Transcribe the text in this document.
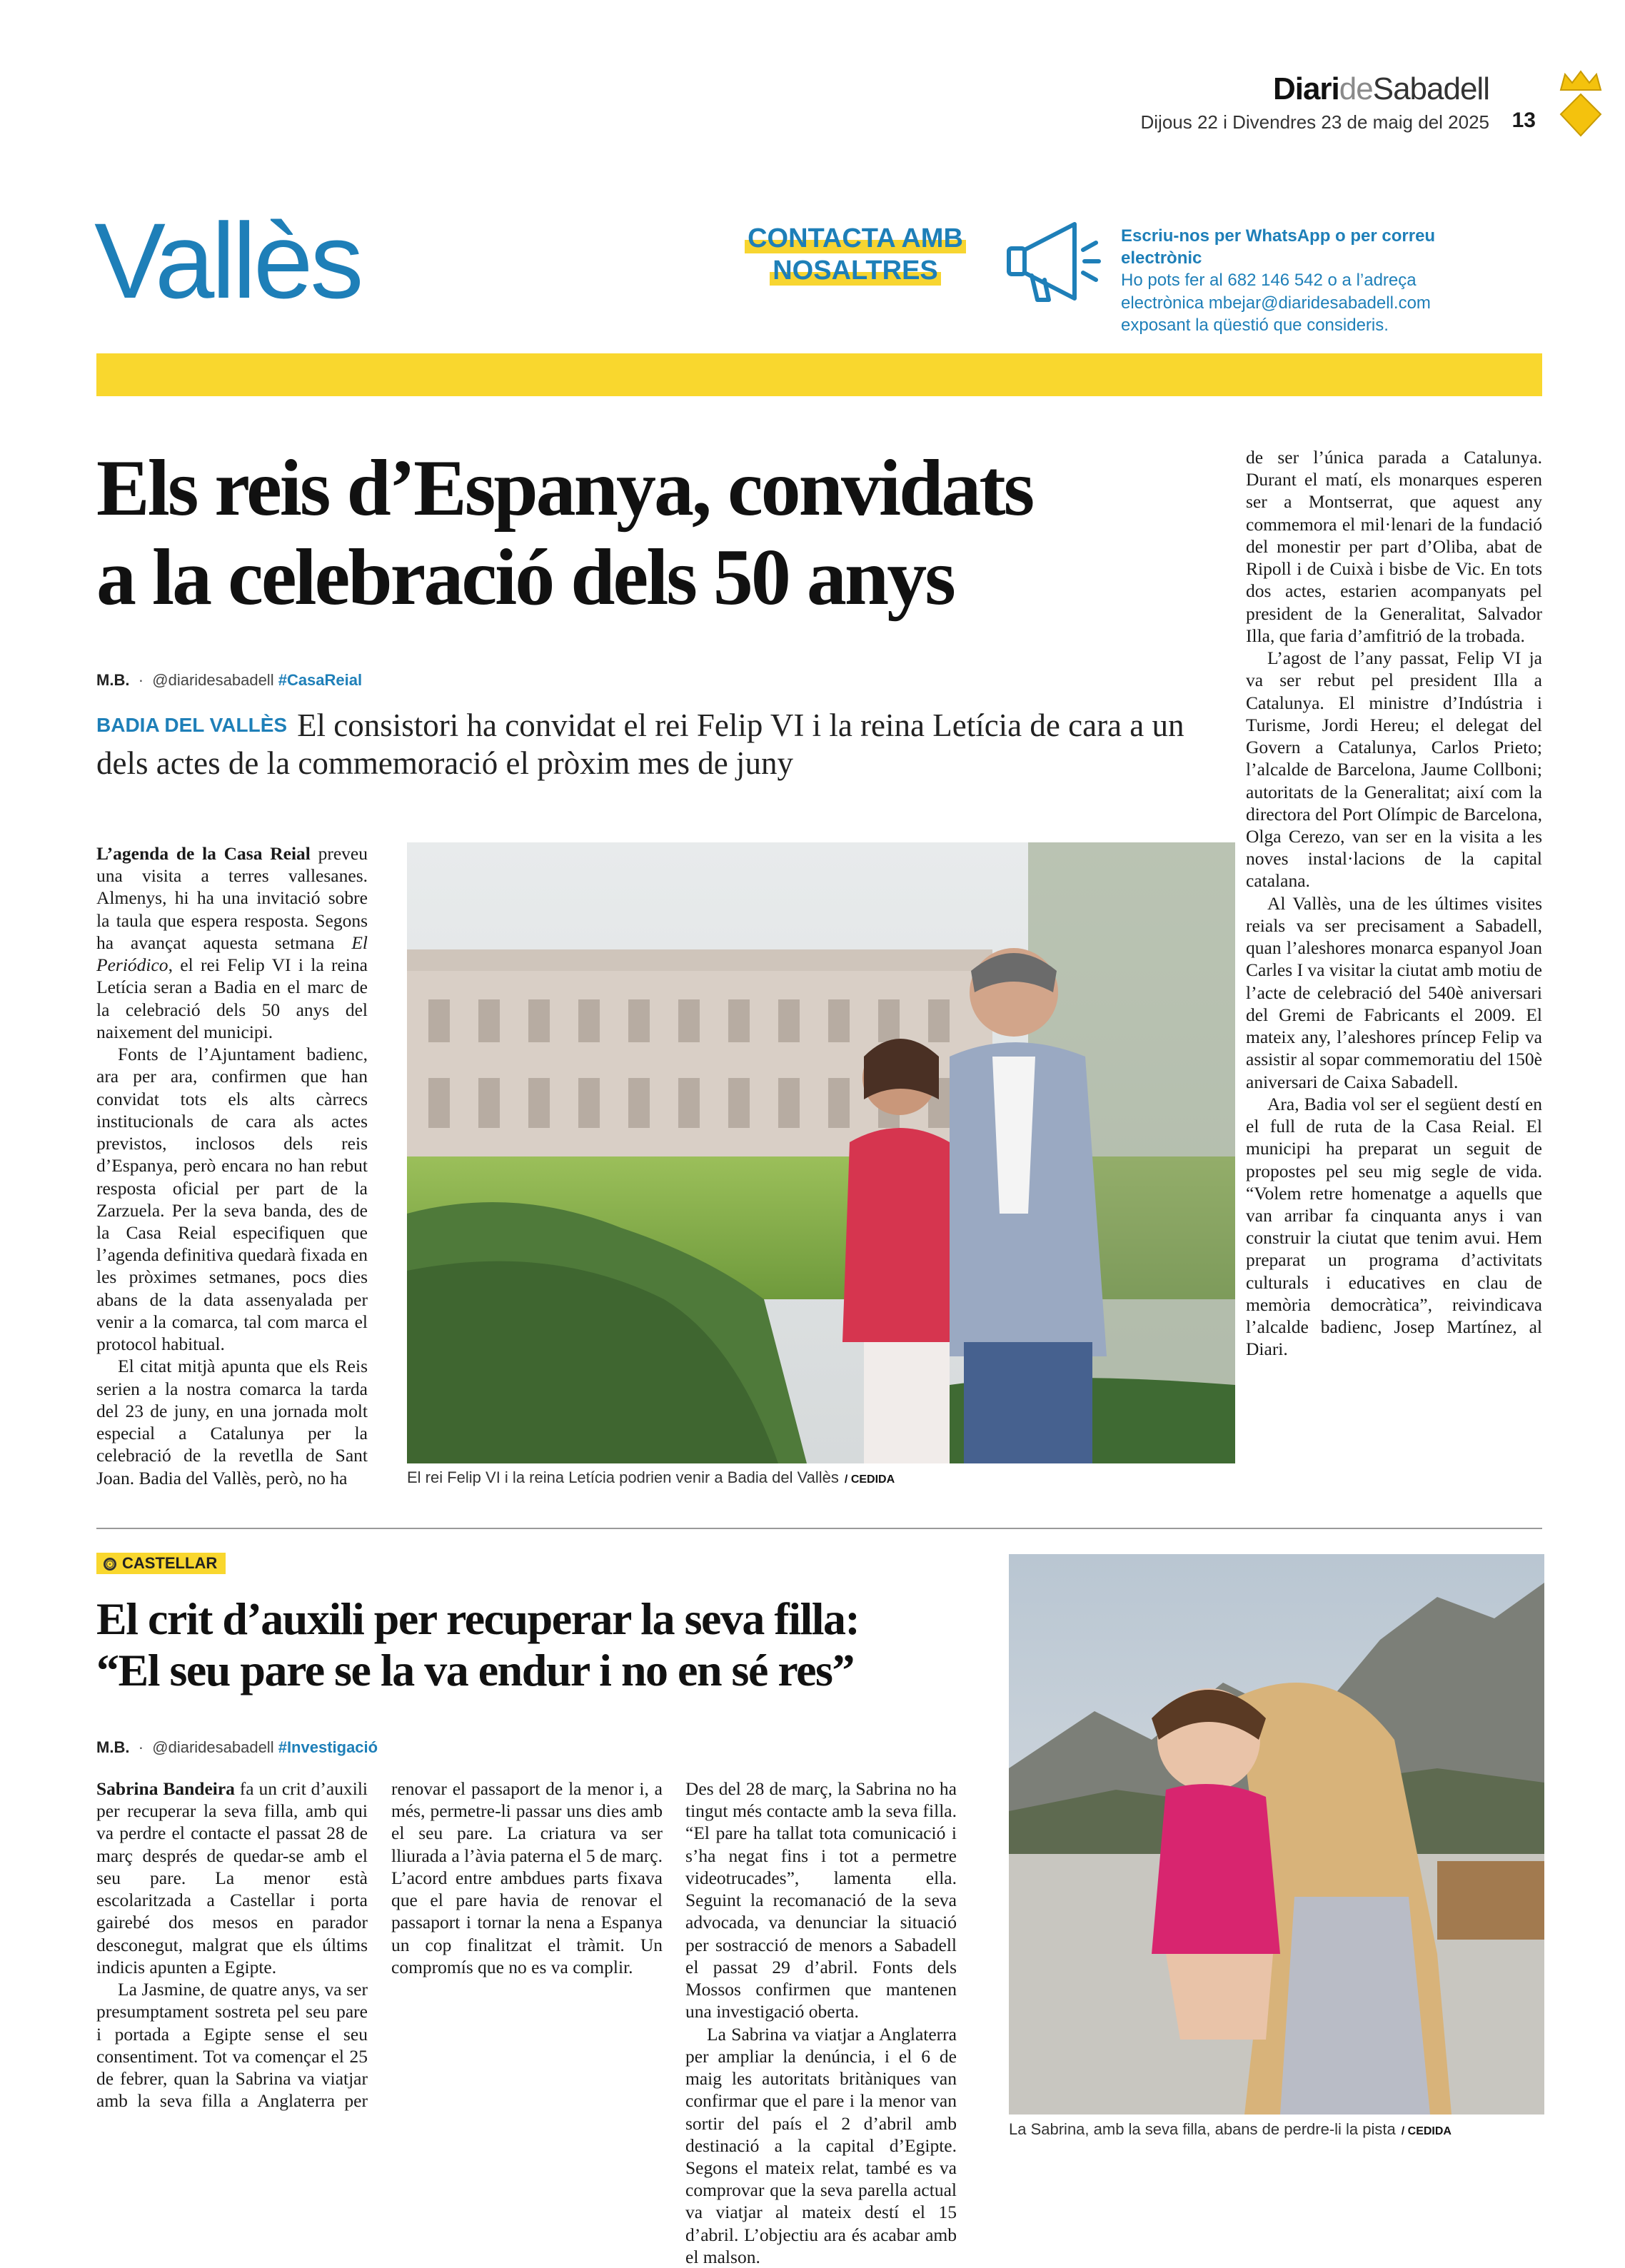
DiarideSabadell
Dijous 22 i Divendres 23 de maig del 2025 13
Vallès	CONTACTA AMB
NOSALTRES
Escriu-nos per WhatsApp o per correu electrònic
Ho pots fer al 682 146 542 o a l’adreça
electrònica mbejar@diaridesabadell.com
exposant la qüestió que consideris.
Els reis d’Espanya, convidats
a la celebració dels 50 anys
M.B. · @diaridesabadell #CasaReial
BADIA DEL VALLÈS El consistori ha convidat el rei Felip VI i la reina Letícia de cara a un dels actes de la commemoració el pròxim mes de juny

L’agenda de la Casa Reial preveu una visita a terres vallesanes. Almenys, hi ha una invitació sobre la taula que espera resposta. Segons ha avançat aquesta setmana El Periódico, el rei Felip VI i la reina Letícia seran a Badia en el marc de la celebració dels 50 anys del naixement del municipi.

Fonts de l’Ajuntament badienc, ara per ara, confirmen que han convidat tots els alts càrrecs institucionals de cara als actes previstos, inclosos dels reis d’Espanya, però encara no han rebut resposta oficial per part de la Zarzuela. Per la seva banda, des de la Casa Reial especifiquen que l’agenda definitiva quedarà fixada en les pròximes setmanes, pocs dies abans de la data assenyalada per venir a la comarca, tal com marca el protocol habitual.

El citat mitjà apunta que els Reis serien a la nostra comarca la tarda del 23 de juny, en una jornada molt especial a Catalunya per la celebració de la revetlla de Sant Joan. Badia del Vallès, però, no ha	El rei Felip VI i la reina Letícia podrien venir a Badia del Vallès / CEDIDA

de ser l’única parada a Catalunya. Durant el matí, els monarques esperen ser a Montserrat, que aquest any commemora el mil·lenari de la fundació del monestir per part d’Oliba, abat de Ripoll i de Cuixà i bisbe de Vic. En tots dos actes, estarien acompanyats pel president de la Generalitat, Salvador Illa, que faria d’amfitrió de la trobada.

L’agost de l’any passat, Felip VI ja va ser rebut pel president Illa a Catalunya. El ministre d’Indústria i Turisme, Jordi Hereu; el delegat del Govern a Catalunya, Carlos Prieto; l’alcalde de Barcelona, Jaume Collboni; autoritats de la Generalitat; així com la directora del Port Olímpic de Barcelona, Olga Cerezo, van ser en la visita a les noves instal·lacions de la capital catalana.

Al Vallès, una de les últimes visites reials va ser precisament a Sabadell, quan l’aleshores monarca espanyol Joan Carles I va visitar la ciutat amb motiu de l’acte de celebració del 540è aniversari del Gremi de Fabricants el 2009. El mateix any, l’aleshores príncep Felip va assistir al sopar commemoratiu del 150è aniversari de Caixa Sabadell.

Ara, Badia vol ser el següent destí en el full de ruta de la Casa Reial. El municipi ha preparat un seguit de propostes pel seu mig segle de vida. “Volem retre homenatge a aquells que van arribar fa cinquanta anys i van construir la ciutat que tenim avui. Hem preparat un programa d’activitats culturals i educatives en clau de memòria democràtica”, reivindicava l’alcalde badienc, Josep Martínez, al Diari.

CASTELLAR
El crit d’auxili per recuperar la seva filla:
“El seu pare se la va endur i no en sé res”
M.B. · @diaridesabadell #Investigació

Sabrina Bandeira fa un crit d’auxili per recuperar la seva filla, amb qui va perdre el contacte el passat 28 de març després de quedar-se amb el seu pare. La menor està escolaritzada a Castellar i porta gairebé dos mesos en parador desconegut, malgrat que els últims indicis apunten a Egipte.

La Jasmine, de quatre anys, va ser presumptament sostreta pel seu pare i portada a Egipte sense el seu consentiment. Tot va començar el 25 de febrer, quan la Sabrina va viatjar amb la seva filla a Anglaterra per renovar el passaport de la menor i, a més, permetre-li passar uns dies amb el seu pare. La criatura va ser lliurada a l’àvia paterna el 5 de març. L’acord entre ambdues parts fixava que el pare havia de renovar el passaport i tornar la nena a Espanya un cop finalitzat el tràmit. Un compromís que no es va complir.

Des del 28 de març, la Sabrina no ha tingut més contacte amb la seva filla. “El pare ha tallat tota comunicació i s’ha negat fins i tot a permetre videotrucades”, lamenta ella. Seguint la recomanació de la seva advocada, va denunciar la situació per sostracció de menors a Sabadell el passat 29 d’abril. Fonts dels Mossos confirmen que mantenen una investigació oberta.

La Sabrina va viatjar a Anglaterra per ampliar la denúncia, i el 6 de maig les autoritats britàniques van confirmar que el pare i la menor van sortir del país el 2 d’abril amb destinació a la capital d’Egipte. Segons el mateix relat, també es va comprovar que la seva parella actual va viatjar al mateix destí el 15 d’abril. L’objectiu ara és acabar amb el malson.

La Sabrina, amb la seva filla, abans de perdre-li la pista / CEDIDA
